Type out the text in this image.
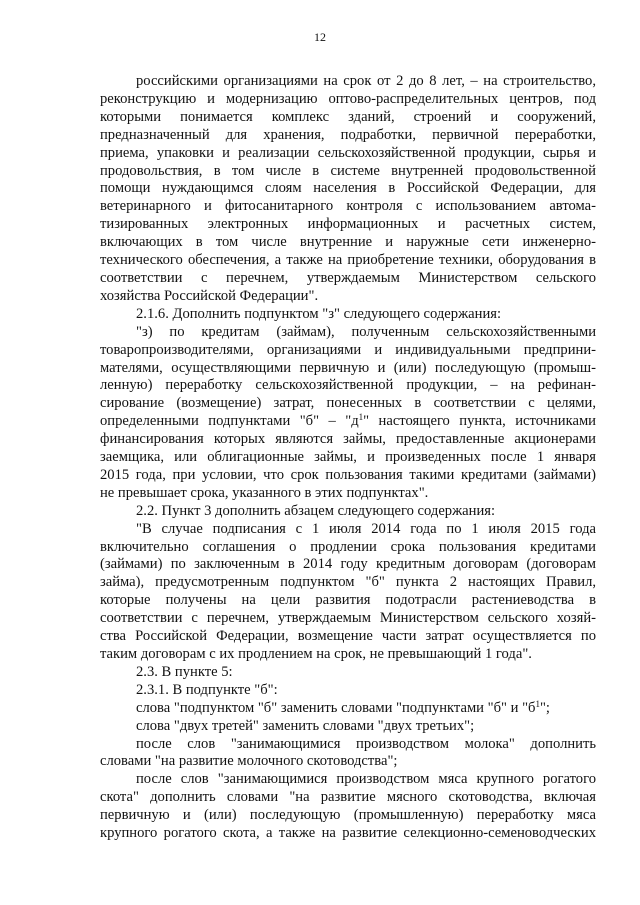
12
российскими организациями на срок от 2 до 8 лет, – на строительство,
реконструкцию и модернизацию оптово-распределительных центров, под
которыми понимается комплекс зданий, строений и сооружений,
предназначенный для хранения, подработки, первичной переработки,
приема, упаковки и реализации сельскохозяйственной продукции, сырья и
продовольствия, в том числе в системе внутренней продовольственной
помощи нуждающимся слоям населения в Российской Федерации, для
ветеринарного и фитосанитарного контроля с использованием автома-
тизированных электронных информационных и расчетных систем,
включающих в том числе внутренние и наружные сети инженерно-
технического обеспечения, а также на приобретение техники, оборудования в
соответствии с перечнем, утверждаемым Министерством сельского
хозяйства Российской Федерации".
2.1.6. Дополнить подпунктом "з" следующего содержания:
"з) по кредитам (займам), полученным сельскохозяйственными
товаропроизводителями, организациями и индивидуальными предприни-
мателями, осуществляющими первичную и (или) последующую (промыш-
ленную) переработку сельскохозяйственной продукции, – на рефинан-
сирование (возмещение) затрат, понесенных в соответствии с целями,
определенными подпунктами "б" – "$д^1$" настоящего пункта, источниками
финансирования которых являются займы, предоставленные акционерами
заемщика, или облигационные займы, и произведенных после 1 января
2015 года, при условии, что срок пользования такими кредитами (займами)
не превышает срока, указанного в этих подпунктах".
2.2. Пункт 3 дополнить абзацем следующего содержания:
"В случае подписания с 1 июля 2014 года по 1 июля 2015 года
включительно соглашения о продлении срока пользования кредитами
(займами) по заключенным в 2014 году кредитным договорам (договорам
займа), предусмотренным подпунктом "б" пункта 2 настоящих Правил,
которые получены на цели развития подотрасли растениеводства в
соответствии с перечнем, утверждаемым Министерством сельского хозяй-
ства Российской Федерации, возмещение части затрат осуществляется по
таким договорам с их продлением на срок, не превышающий 1 года".
2.3. В пункте 5:
2.3.1. В подпункте "б":
слова "подпунктом "б" заменить словами "подпунктами "б" и "$б^1$";
слова "двух третей" заменить словами "двух третьих";
после слов "занимающимися производством молока" дополнить
словами "на развитие молочного скотоводства";
после слов "занимающимися производством мяса крупного рогатого
скота" дополнить словами "на развитие мясного скотоводства, включая
первичную и (или) последующую (промышленную) переработку мяса
крупного рогатого скота, а также на развитие селекционно-семеноводческих
